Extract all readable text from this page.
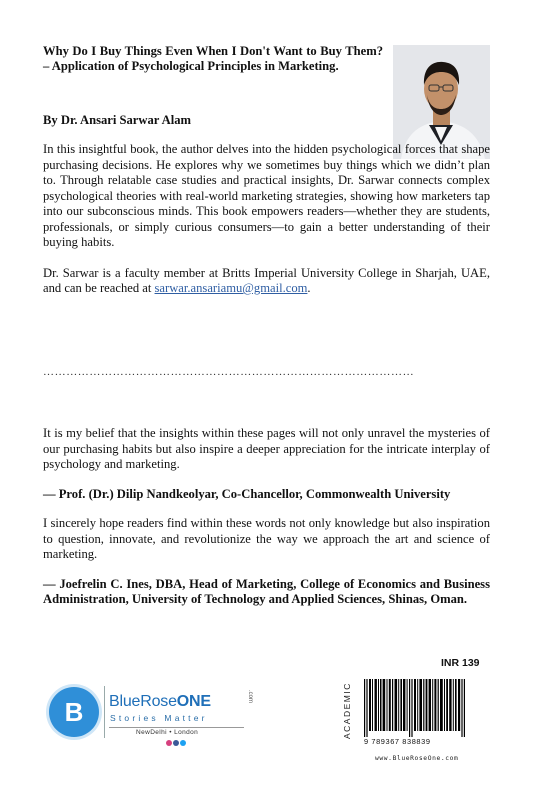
Why Do I Buy Things Even When I Don't Want to Buy Them? – Application of Psychological Principles in Marketing.
By Dr. Ansari Sarwar Alam

In this insightful book, the author delves into the hidden psychological forces that shape purchasing decisions. He explores why we sometimes buy things which we didn’t plan to. Through relatable case studies and practical insights, Dr. Sarwar connects complex psychological theories with real-world marketing strategies, showing how marketers tap into our subconscious minds. This book empowers readers—whether they are students, professionals, or simply curious consumers—to gain a better understanding of their buying habits.

Dr. Sarwar is a faculty member at Britts Imperial University College in Sharjah, UAE, and can be reached at sarwar.ansariamu@gmail.com.

……………………………………………………………………………………

It is my belief that the insights within these pages will not only unravel the mysteries of our purchasing habits but also inspire a deeper appreciation for the intricate interplay of psychology and marketing.

— Prof. (Dr.) Dilip Nandkeolyar, Co-Chancellor, Commonwealth University

I sincerely hope readers find within these words not only knowledge but also inspiration to question, innovate, and revolutionize the way we approach the art and science of marketing.

— Joefrelin C. Ines, DBA, Head of Marketing, College of Economics and Business Administration, University of Technology and Applied Sciences, Shinas, Oman.

INR 139
B	BlueRoseONE	.com
Stories Matter
NewDelhi • London	ACADEMIC
9 789367 838839
www.BlueRoseOne.com
